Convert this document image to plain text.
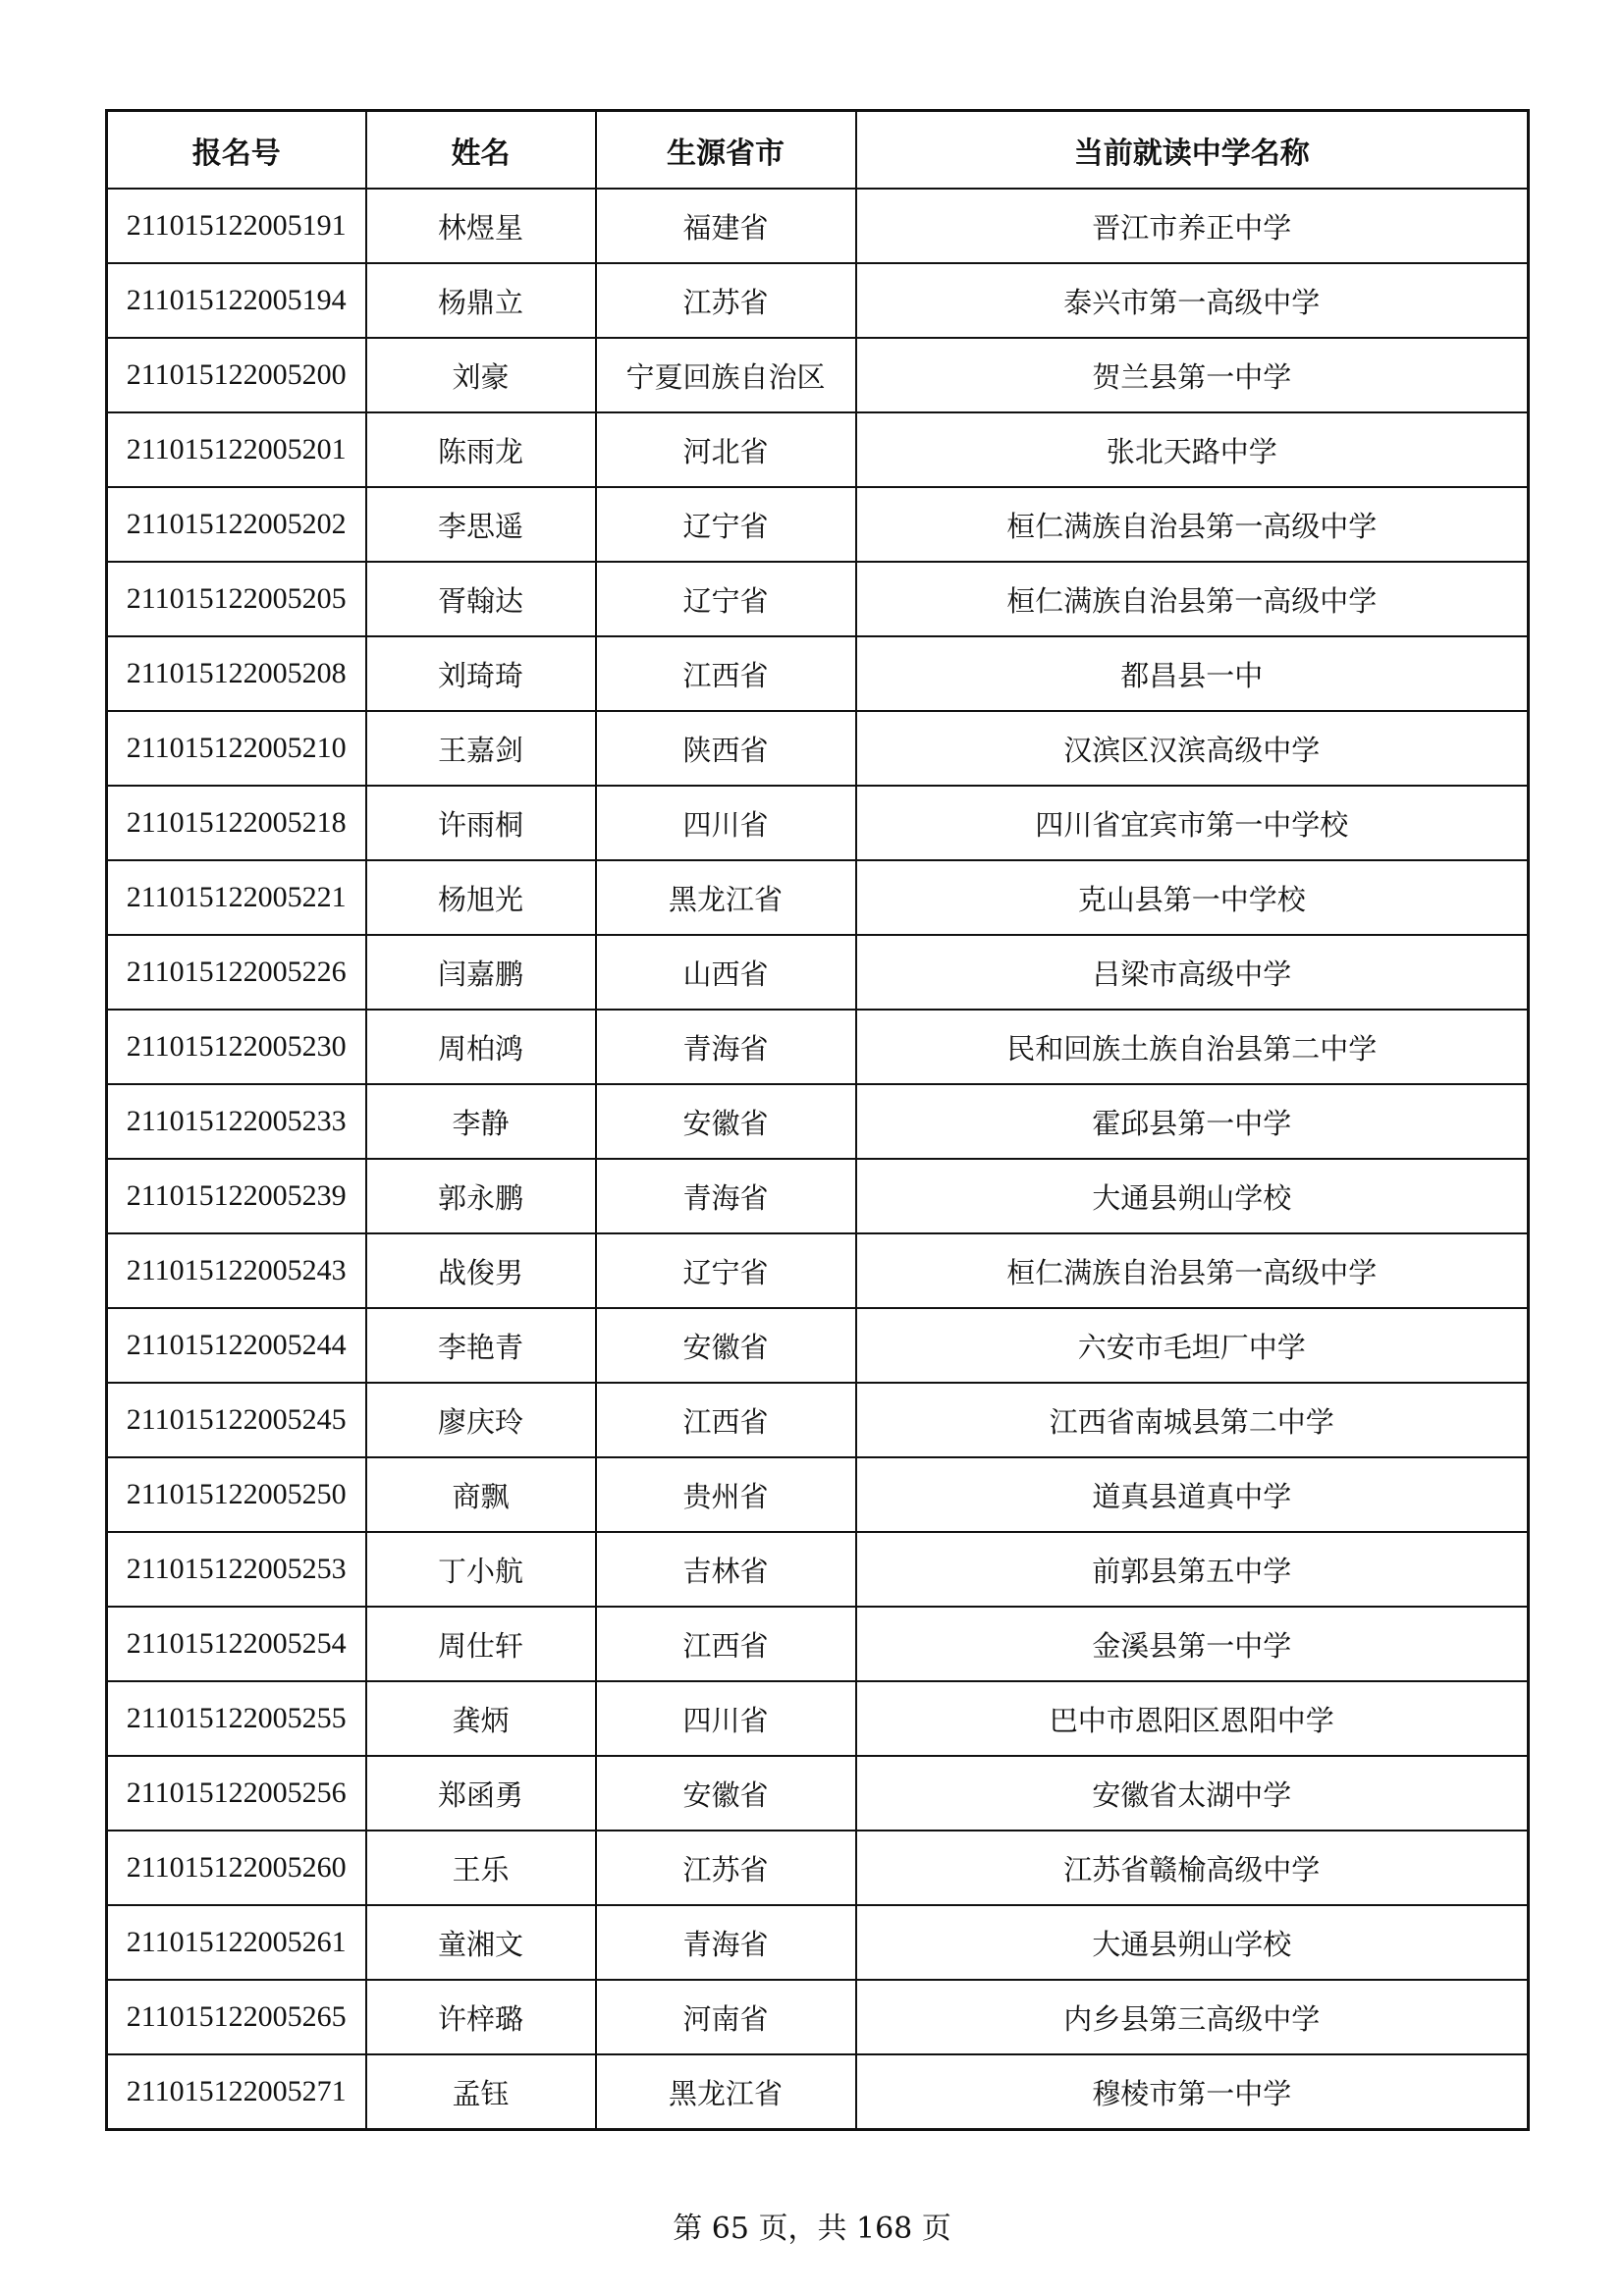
报名号	姓名	生源省市	当前就读中学名称
211015122005191	林煜星	福建省	晋江市养正中学
211015122005194	杨鼎立	江苏省	泰兴市第一高级中学
211015122005200	刘豪	宁夏回族自治区	贺兰县第一中学
211015122005201	陈雨龙	河北省	张北天路中学
211015122005202	李思遥	辽宁省	桓仁满族自治县第一高级中学
211015122005205	胥翰达	辽宁省	桓仁满族自治县第一高级中学
211015122005208	刘琦琦	江西省	都昌县一中
211015122005210	王嘉剑	陕西省	汉滨区汉滨高级中学
211015122005218	许雨桐	四川省	四川省宜宾市第一中学校
211015122005221	杨旭光	黑龙江省	克山县第一中学校
211015122005226	闫嘉鹏	山西省	吕梁市高级中学
211015122005230	周柏鸿	青海省	民和回族土族自治县第二中学
211015122005233	李静	安徽省	霍邱县第一中学
211015122005239	郭永鹏	青海省	大通县朔山学校
211015122005243	战俊男	辽宁省	桓仁满族自治县第一高级中学
211015122005244	李艳青	安徽省	六安市毛坦厂中学
211015122005245	廖庆玲	江西省	江西省南城县第二中学
211015122005250	商飘	贵州省	道真县道真中学
211015122005253	丁小航	吉林省	前郭县第五中学
211015122005254	周仕轩	江西省	金溪县第一中学
211015122005255	龚炳	四川省	巴中市恩阳区恩阳中学
211015122005256	郑函勇	安徽省	安徽省太湖中学
211015122005260	王乐	江苏省	江苏省赣榆高级中学
211015122005261	童湘文	青海省	大通县朔山学校
211015122005265	许梓璐	河南省	内乡县第三高级中学
211015122005271	孟钰	黑龙江省	穆棱市第一中学
第 65 页，共 168 页
